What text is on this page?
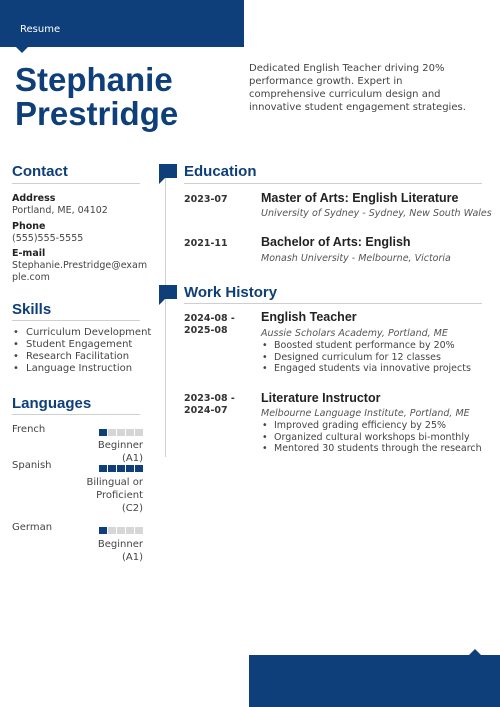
Resume
Stephanie
Prestridge
Dedicated English Teacher driving 20% performance growth. Expert in comprehensive curriculum design and innovative student engagement strategies.
Contact
Address
Portland, ME, 04102
Phone
(555)555-5555
E-mail
Stephanie.Prestridge@exam
ple.com
Skills
• Curriculum Development
• Student Engagement
• Research Facilitation
• Language Instruction
Languages
French
Beginner (A1)
Spanish
Bilingual or
Proficient
(C2)
German
Beginner (A1)
Education
2023-07	Master of Arts: English Literature
University of Sydney - Sydney, New South Wales
2021-11	Bachelor of Arts: English
Monash University - Melbourne, Victoria
Work History
2024-08 -
2025-08
English Teacher
Aussie Scholars Academy, Portland, ME
• Boosted student performance by 20%
• Designed curriculum for 12 classes
• Engaged students via innovative projects
2023-08 -
2024-07
Literature Instructor
Melbourne Language Institute, Portland, ME
• Improved grading efficiency by 25%
• Organized cultural workshops bi-monthly
• Mentored 30 students through the research
